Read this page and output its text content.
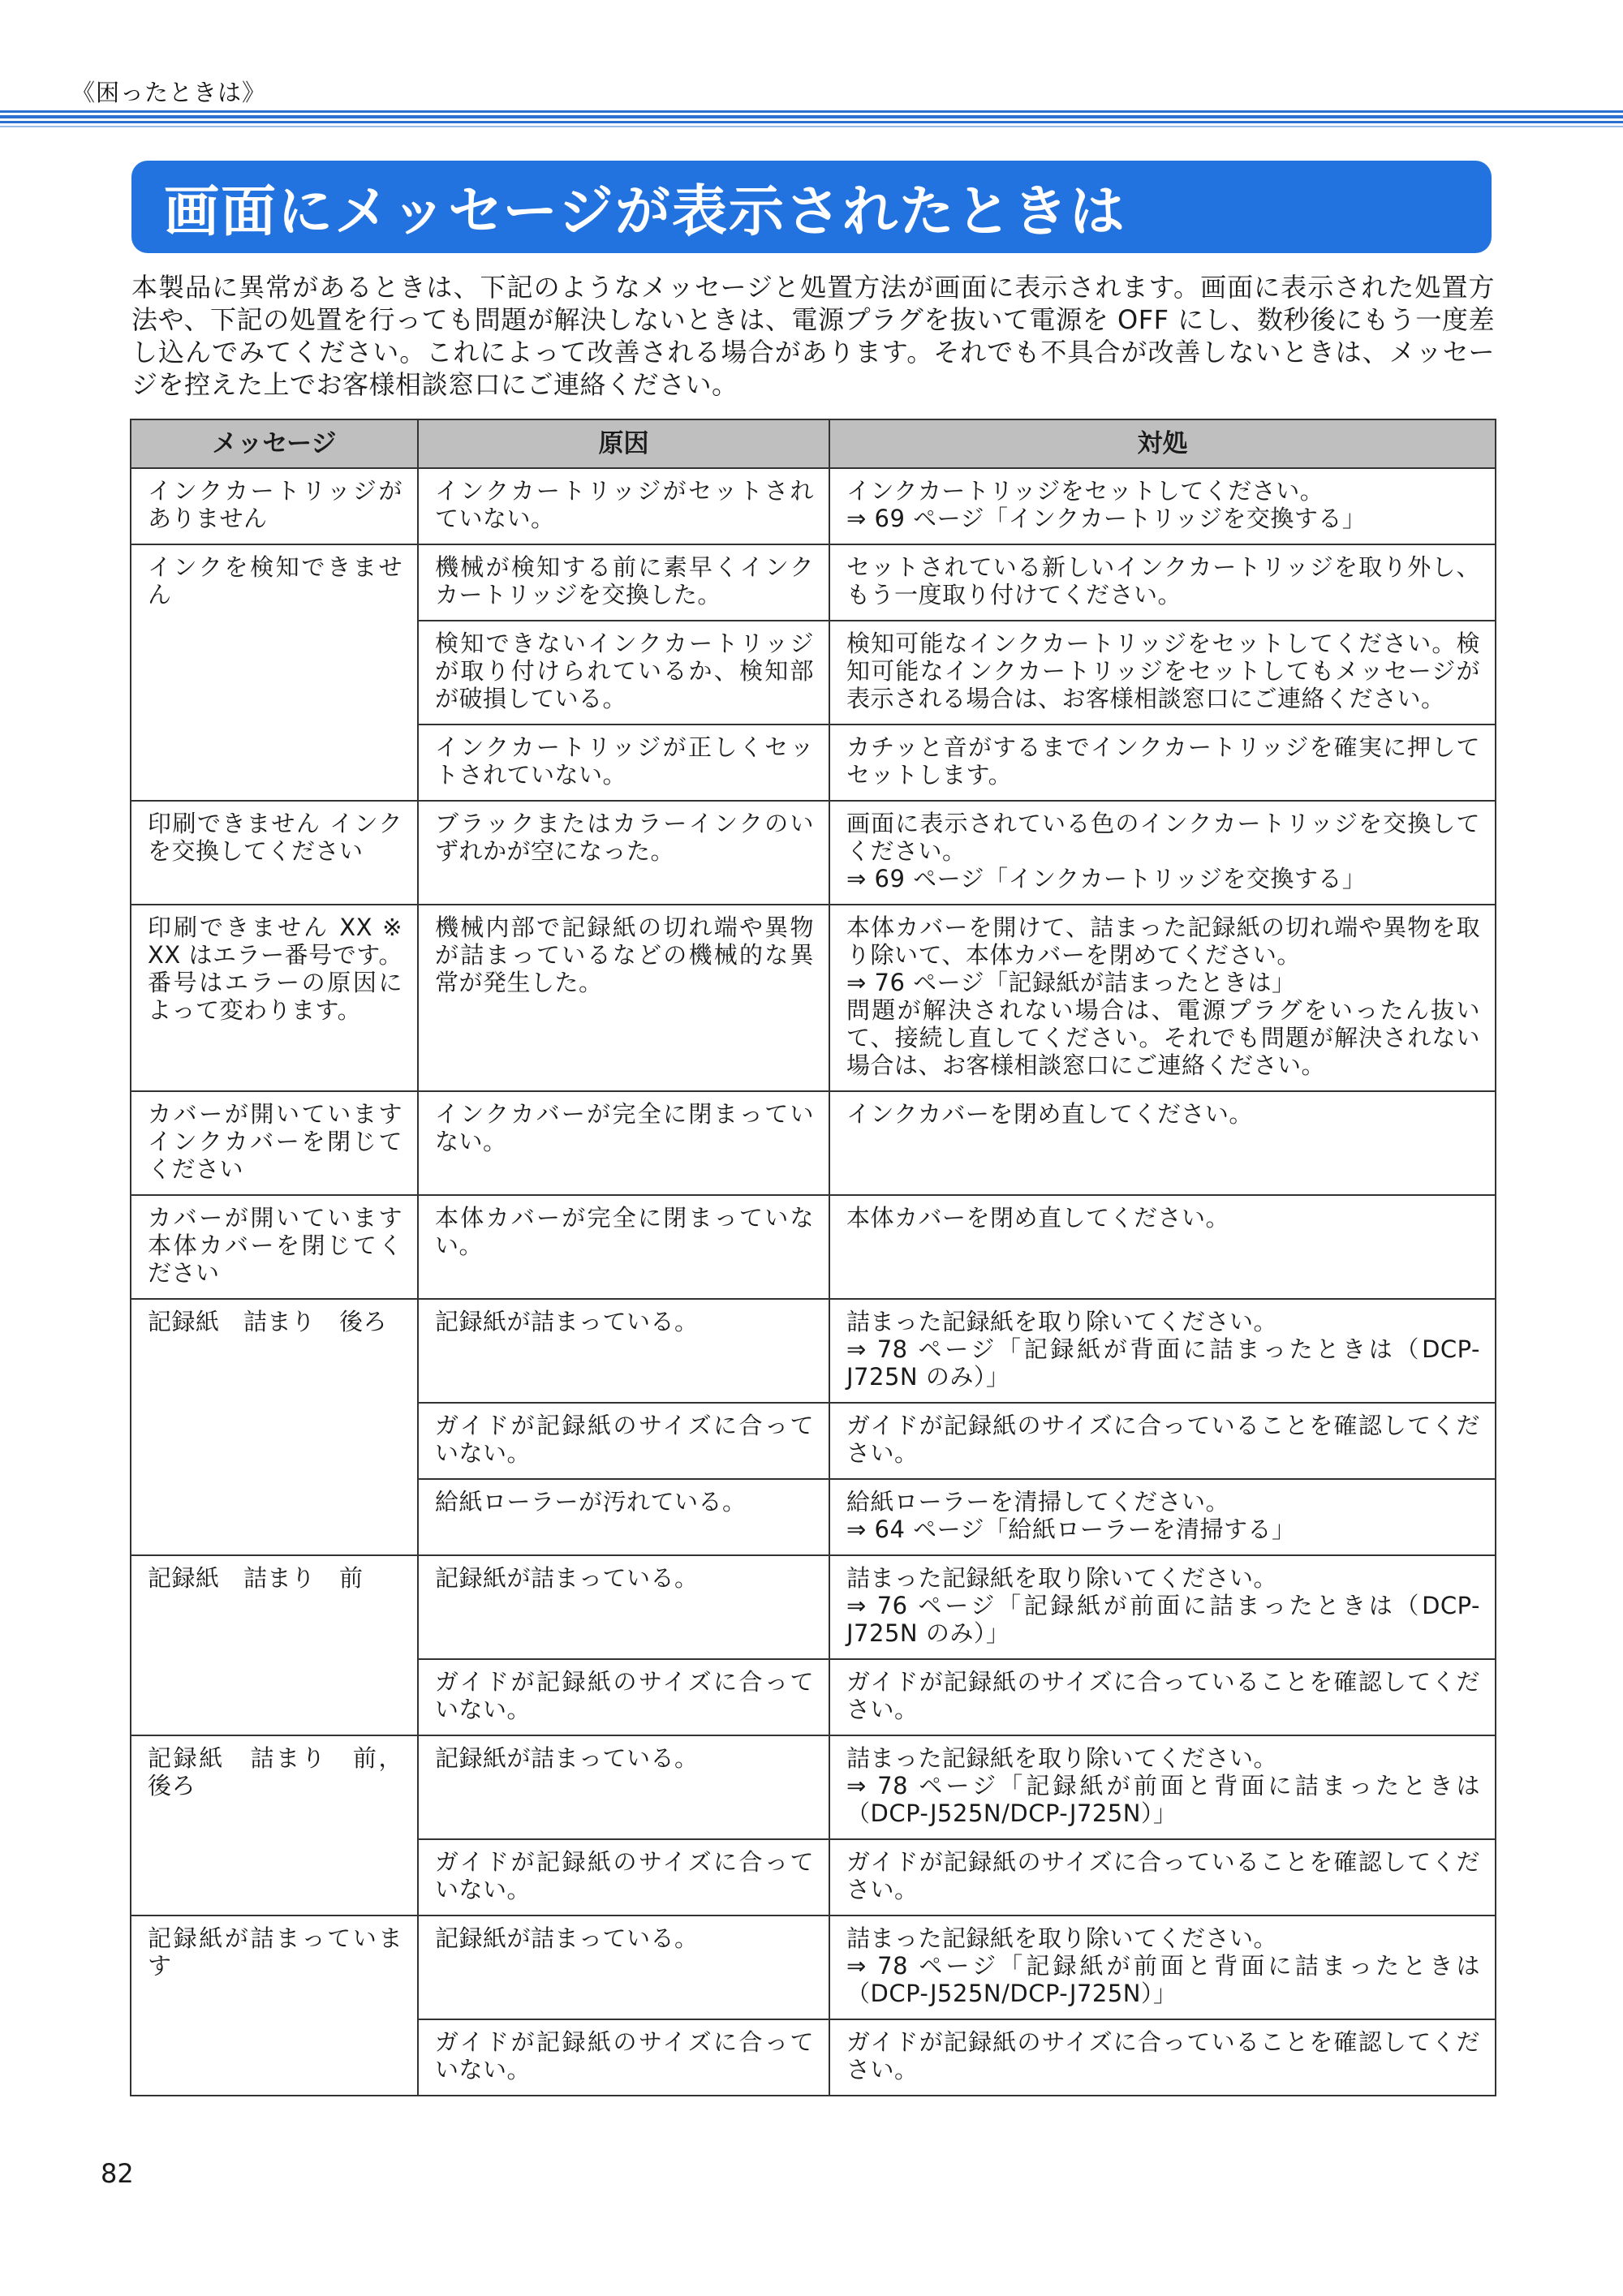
《困ったときは》
画面にメッセージが表示されたときは

本製品に異常があるときは、下記のようなメッセージと処置方法が画面に表示されます。画面に表示された処置方法や、下記の処置を行っても問題が解決しないときは、電源プラグを抜いて電源を OFF にし、数秒後にもう一度差し込んでみてください。これによって改善される場合があります。それでも不具合が改善しないときは、メッセージを控えた上でお客様相談窓口にご連絡ください。

メッセージ	原因	対処
インクカートリッジがありません	インクカートリッジがセットされていない。	インクカートリッジをセットしてください。
⇒ 69 ページ「インクカートリッジを交換する」

インクを検知できません	機械が検知する前に素早くインクカートリッジを交換した。	セットされている新しいインクカートリッジを取り外し、もう一度取り付けてください。

	検知できないインクカートリッジが取り付けられているか、検知部が破損している。	検知可能なインクカートリッジをセットしてください。検知可能なインクカートリッジをセットしてもメッセージが表示される場合は、お客様相談窓口にご連絡ください。

	インクカートリッジが正しくセットされていない。	カチッと音がするまでインクカートリッジを確実に押してセットします。

印刷できません インクを交換してください	ブラックまたはカラーインクのいずれかが空になった。	画面に表示されている色のインクカートリッジを交換してください。
⇒ 69 ページ「インクカートリッジを交換する」

印刷できません XX ※ XX はエラー番号です。番号はエラーの原因によって変わります。	機械内部で記録紙の切れ端や異物が詰まっているなどの機械的な異常が発生した。	本体カバーを開けて、詰まった記録紙の切れ端や異物を取り除いて、本体カバーを閉めてください。
⇒ 76 ページ「記録紙が詰まったときは」
問題が解決されない場合は、電源プラグをいったん抜いて、接続し直してください。それでも問題が解決されない場合は、お客様相談窓口にご連絡ください。

カバーが開いています インクカバーを閉じてください	インクカバーが完全に閉まっていない。	インクカバーを閉め直してください。

カバーが開いています 本体カバーを閉じてください	本体カバーが完全に閉まっていない。	本体カバーを閉め直してください。

記録紙　詰まり　後ろ	記録紙が詰まっている。	詰まった記録紙を取り除いてください。
⇒ 78 ページ「記録紙が背面に詰まったときは（DCP-J725N のみ）」

	ガイドが記録紙のサイズに合っていない。	ガイドが記録紙のサイズに合っていることを確認してください。

	給紙ローラーが汚れている。	給紙ローラーを清掃してください。
⇒ 64 ページ「給紙ローラーを清掃する」

記録紙　詰まり　前	記録紙が詰まっている。	詰まった記録紙を取り除いてください。
⇒ 76 ページ「記録紙が前面に詰まったときは（DCP-J725N のみ）」

	ガイドが記録紙のサイズに合っていない。	ガイドが記録紙のサイズに合っていることを確認してください。

記録紙　詰まり　前，後ろ	記録紙が詰まっている。	詰まった記録紙を取り除いてください。
⇒ 78 ページ「記録紙が前面と背面に詰まったときは（DCP-J525N/DCP-J725N）」

	ガイドが記録紙のサイズに合っていない。	ガイドが記録紙のサイズに合っていることを確認してください。

記録紙が詰まっています	記録紙が詰まっている。	詰まった記録紙を取り除いてください。
⇒ 78 ページ「記録紙が前面と背面に詰まったときは（DCP-J525N/DCP-J725N）」

	ガイドが記録紙のサイズに合っていない。	ガイドが記録紙のサイズに合っていることを確認してください。
82
